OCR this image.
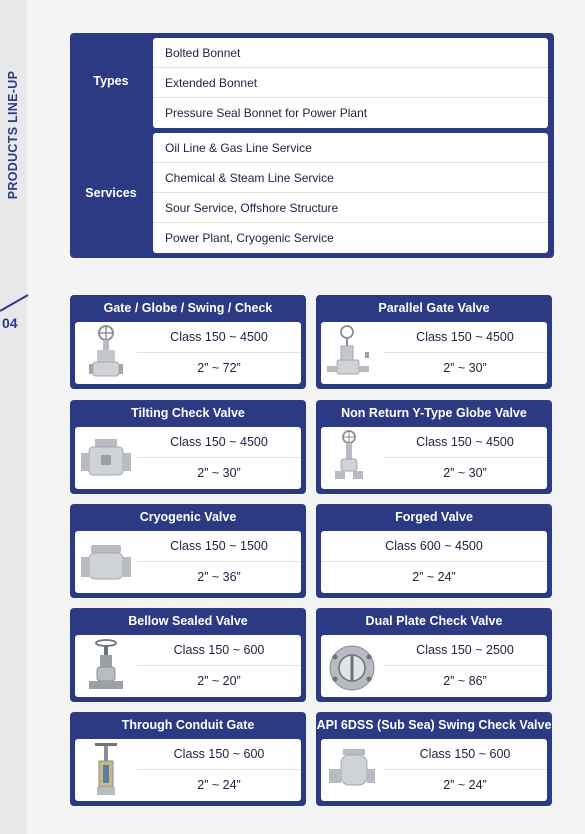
PRODUCTS LINE-UP
04
Types
Bolted Bonnet
Extended Bonnet
Pressure Seal Bonnet for Power Plant
Services
Oil Line & Gas Line Service
Chemical & Steam Line Service
Sour Service, Offshore Structure
Power Plant, Cryogenic Service
Gate / Globe / Swing / Check
Class 150 ~ 4500
2” ~ 72”
Parallel Gate Valve
Class 150 ~ 4500
2” ~ 30”
Tilting Check Valve
Class 150 ~ 4500
2” ~ 30”
Non Return Y-Type Globe Valve
Class 150 ~ 4500
2” ~ 30”
Cryogenic Valve
Class 150 ~ 1500
2” ~ 36”
Forged Valve
Class 600 ~ 4500
2” ~ 24”
Bellow Sealed Valve
Class 150 ~ 600
2” ~ 20”
Dual Plate Check Valve
Class 150 ~ 2500
2” ~ 86”
Through Conduit Gate
Class 150 ~ 600
2” ~ 24”
API 6DSS (Sub Sea) Swing Check Valve
Class 150 ~ 600
2” ~ 24”
